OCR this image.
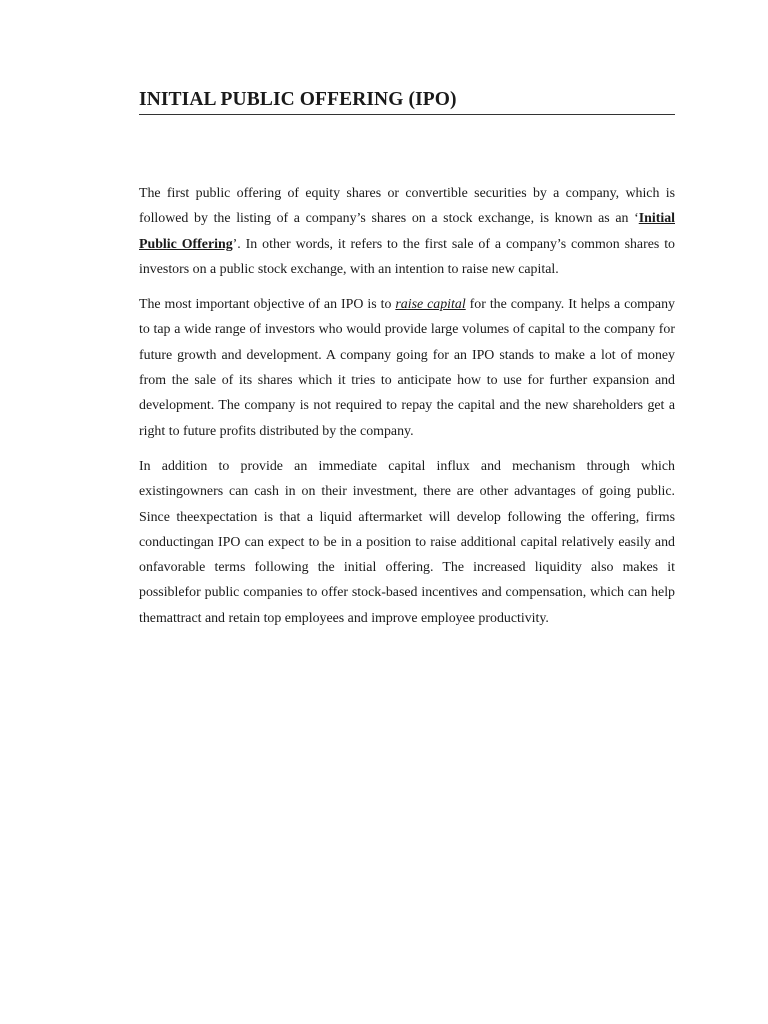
INITIAL PUBLIC OFFERING (IPO)

The first public offering of equity shares or convertible securities by a company, which is followed by the listing of a company’s shares on a stock exchange, is known as an ‘Initial Public Offering’. In other words, it refers to the first sale of a company’s common shares to investors on a public stock exchange, with an intention to raise new capital.

The most important objective of an IPO is to raise capital for the company. It helps a company to tap a wide range of investors who would provide large volumes of capital to the company for future growth and development. A company going for an IPO stands to make a lot of money from the sale of its shares which it tries to anticipate how to use for further expansion and development. The company is not required to repay the capital and the new shareholders get a right to future profits distributed by the company.

In addition to provide an immediate capital influx and mechanism through which existingowners can cash in on their investment, there are other advantages of going public. Since theexpectation is that a liquid aftermarket will develop following the offering, firms conductingan IPO can expect to be in a position to raise additional capital relatively easily and onfavorable terms following the initial offering. The increased liquidity also makes it possiblefor public companies to offer stock-based incentives and compensation, which can help themattract and retain top employees and improve employee productivity.
